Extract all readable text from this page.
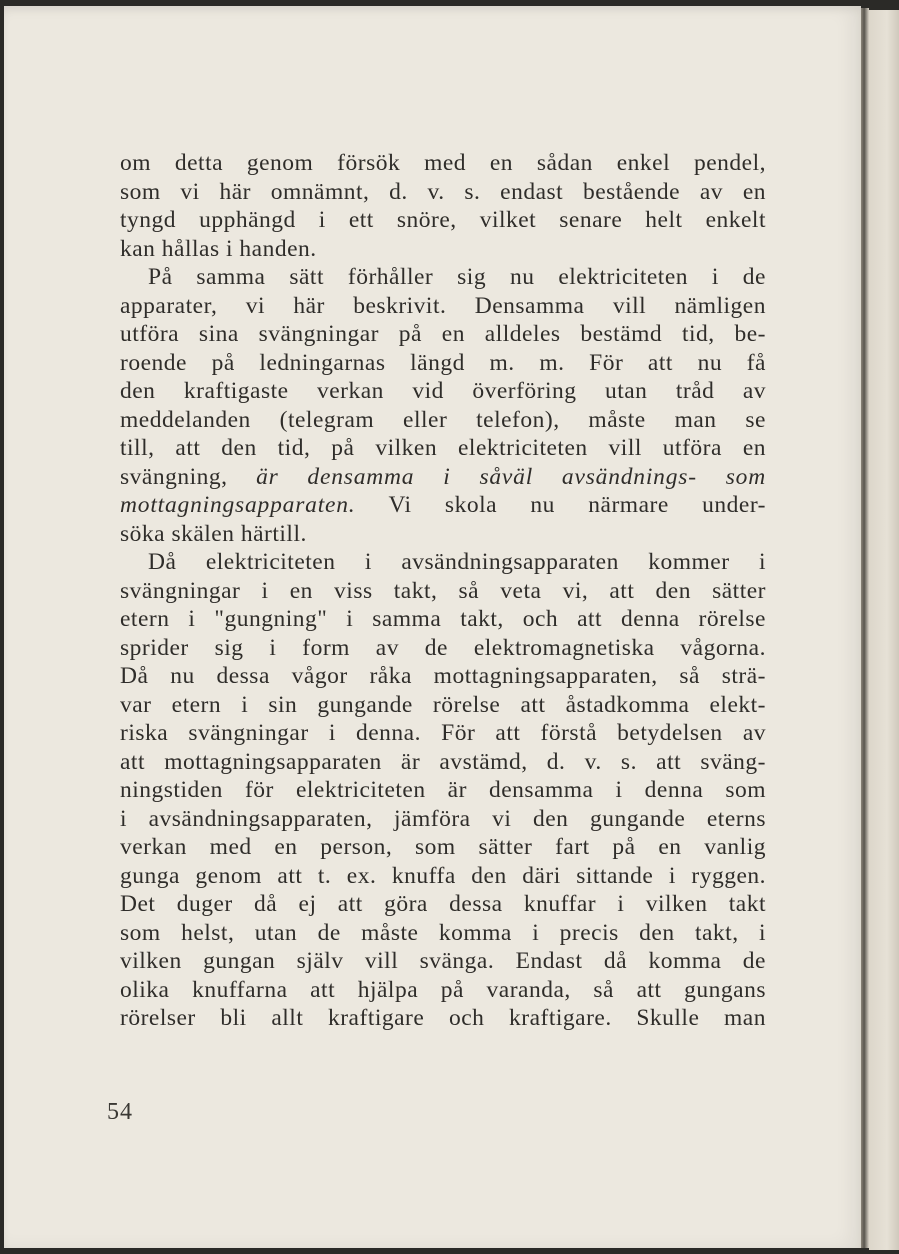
om detta genom försök med en sådan enkel pendel,
som vi här omnämnt, d. v. s. endast bestående av en
tyngd upphängd i ett snöre, vilket senare helt enkelt
kan hållas i handen.
På samma sätt förhåller sig nu elektriciteten i de
apparater, vi här beskrivit. Densamma vill nämligen
utföra sina svängningar på en alldeles bestämd tid, be-
roende på ledningarnas längd m. m. För att nu få
den kraftigaste verkan vid överföring utan tråd av
meddelanden (telegram eller telefon), måste man se
till, att den tid, på vilken elektriciteten vill utföra en
svängning, är densamma i såväl avsändnings- som
mottagningsapparaten. Vi skola nu närmare under-
söka skälen härtill.
Då elektriciteten i avsändningsapparaten kommer i
svängningar i en viss takt, så veta vi, att den sätter
etern i "gungning" i samma takt, och att denna rörelse
sprider sig i form av de elektromagnetiska vågorna.
Då nu dessa vågor råka mottagningsapparaten, så strä-
var etern i sin gungande rörelse att åstadkomma elekt-
riska svängningar i denna. För att förstå betydelsen av
att mottagningsapparaten är avstämd, d. v. s. att sväng-
ningstiden för elektriciteten är densamma i denna som
i avsändningsapparaten, jämföra vi den gungande eterns
verkan med en person, som sätter fart på en vanlig
gunga genom att t. ex. knuffa den däri sittande i ryggen.
Det duger då ej att göra dessa knuffar i vilken takt
som helst, utan de måste komma i precis den takt, i
vilken gungan själv vill svänga. Endast då komma de
olika knuffarna att hjälpa på varanda, så att gungans
rörelser bli allt kraftigare och kraftigare. Skulle man
54
